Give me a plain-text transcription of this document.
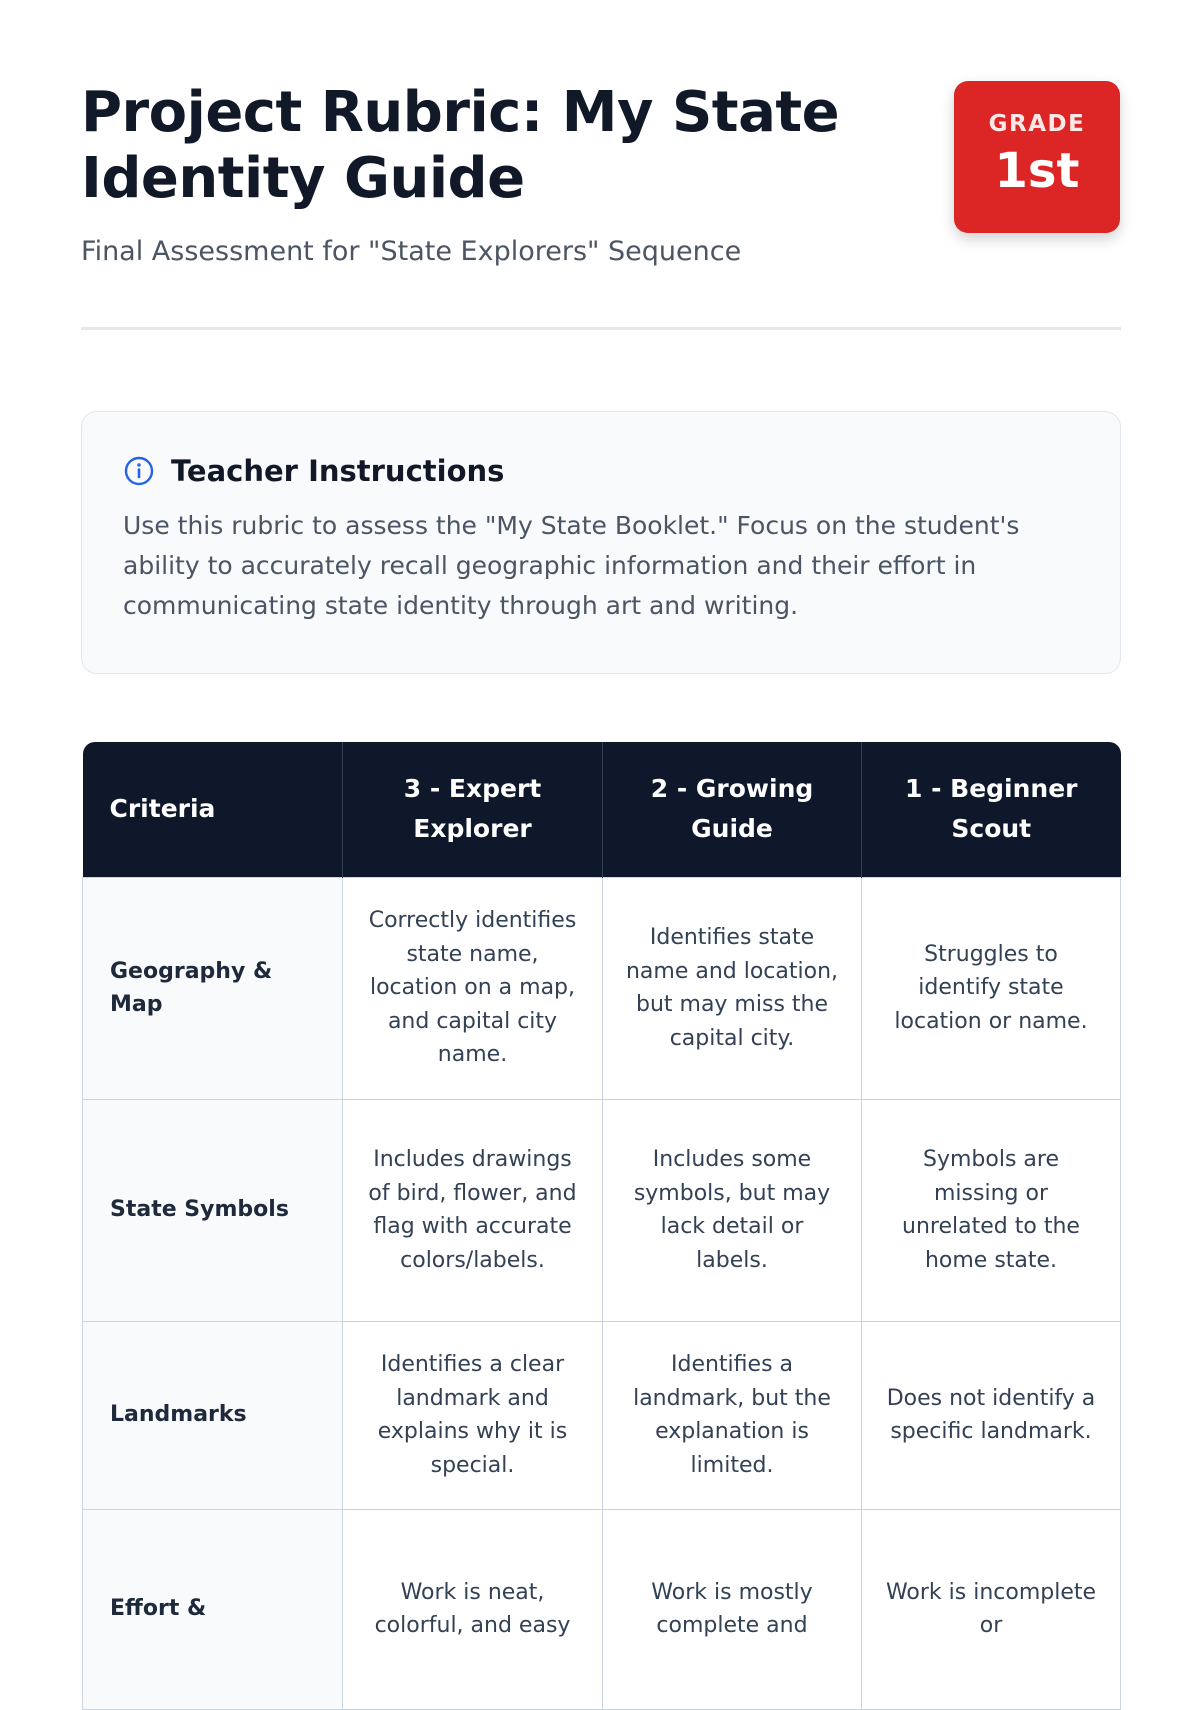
Project Rubric: My State Identity Guide
Final Assessment for "State Explorers" Sequence
GRADE
1st
Teacher Instructions

Use this rubric to assess the "My State Booklet." Focus on the student's ability to accurately recall geographic information and their effort in communicating state identity through art and writing.

Criteria	3 - Expert Explorer	2 - Growing Guide	1 - Beginner Scout
Geography & Map	Correctly identifies state name, location on a map, and capital city name.	Identifies state name and location, but may miss the capital city.	Struggles to identify state location or name.
State Symbols	Includes drawings of bird, flower, and flag with accurate colors/labels.	Includes some symbols, but may lack detail or labels.	Symbols are missing or unrelated to the home state.
Landmarks	Identifies a clear landmark and explains why it is special.	Identifies a landmark, but the explanation is limited.	Does not identify a specific landmark.
Effort &	Work is neat, colorful, and easy	Work is mostly complete and	Work is incomplete or
